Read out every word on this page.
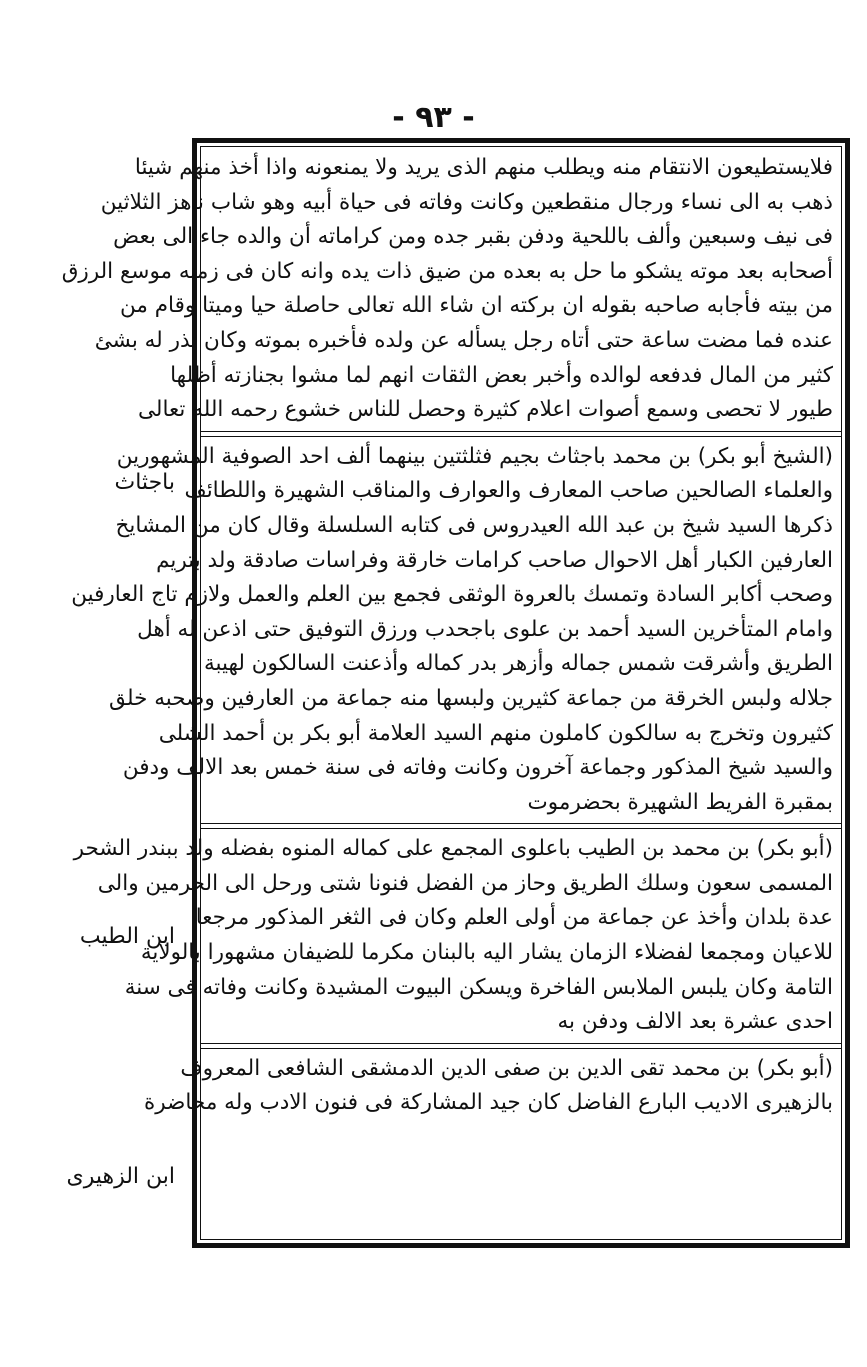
- ٩٣ -
فلايستطيعون الانتقام منه ويطلب منهم الذى يريد ولا يمنعونه واذا أخذ منهم شيئا
ذهب به الى نساء ورجال منقطعين وكانت وفاته فى حياة أبيه وهو شاب ناهز الثلاثين
فى نيف وسبعين وألف باللحية ودفن بقبر جده ومن كراماته أن والده جاء الى بعض
أصحابه بعد موته يشكو ما حل به بعده من ضيق ذات يده وانه كان فى زمنه موسع الرزق
من بيته فأجابه صاحبه بقوله ان بركته ان شاء الله تعالى حاصلة حيا وميتا وقام من
عنده فما مضت ساعة حتى أتاه رجل يسأله عن ولده فأخبره بموته وكان نذر له بشئ
كثير من المال فدفعه لوالده وأخبر بعض الثقات انهم لما مشوا بجنازته أظلها
طيور لا تحصى وسمع أصوات اعلام كثيرة وحصل للناس خشوع رحمه الله تعالى
(الشيخ أبو بكر) بن محمد باجثاث بجيم فثلثتين بينهما ألف احد الصوفية المشهورين
والعلماء الصالحين صاحب المعارف والعوارف والمناقب الشهيرة واللطائف
ذكرها السيد شيخ بن عبد الله العيدروس فى كتابه السلسلة وقال كان من المشايخ
العارفين الكبار أهل الاحوال صاحب كرامات خارقة وفراسات صادقة ولد بتريم
وصحب أكابر السادة وتمسك بالعروة الوثقى فجمع بين العلم والعمل ولازم تاج العارفين
وامام المتأخرين السيد أحمد بن علوى باجحدب ورزق التوفيق حتى اذعن له أهل
الطريق وأشرقت شمس جماله وأزهر بدر كماله وأذعنت السالكون لهيبة
جلاله ولبس الخرقة من جماعة كثيرين ولبسها منه جماعة من العارفين وصحبه خلق
كثيرون وتخرج به سالكون كاملون منهم السيد العلامة أبو بكر بن أحمد الشلى
والسيد شيخ المذكور وجماعة آخرون وكانت وفاته فى سنة خمس بعد الالف ودفن
بمقبرة الفريط الشهيرة بحضرموت
(أبو بكر) بن محمد بن الطيب باعلوى المجمع على كماله المنوه بفضله ولد ببندر الشحر
المسمى سعون وسلك الطريق وحاز من الفضل فنونا شتى ورحل الى الحرمين والى
عدة بلدان وأخذ عن جماعة من أولى العلم وكان فى الثغر المذكور مرجعا
للاعيان ومجمعا لفضلاء الزمان يشار اليه بالبنان مكرما للضيفان مشهورا بالولاية
التامة وكان يلبس الملابس الفاخرة ويسكن البيوت المشيدة وكانت وفاته فى سنة
احدى عشرة بعد الالف ودفن به
(أبو بكر) بن محمد تقى الدين بن صفى الدين الدمشقى الشافعى المعروف
بالزهيرى الاديب البارع الفاضل كان جيد المشاركة فى فنون الادب وله محاضرة
باجثاث
ابن الطيب
ابن الزهيرى
